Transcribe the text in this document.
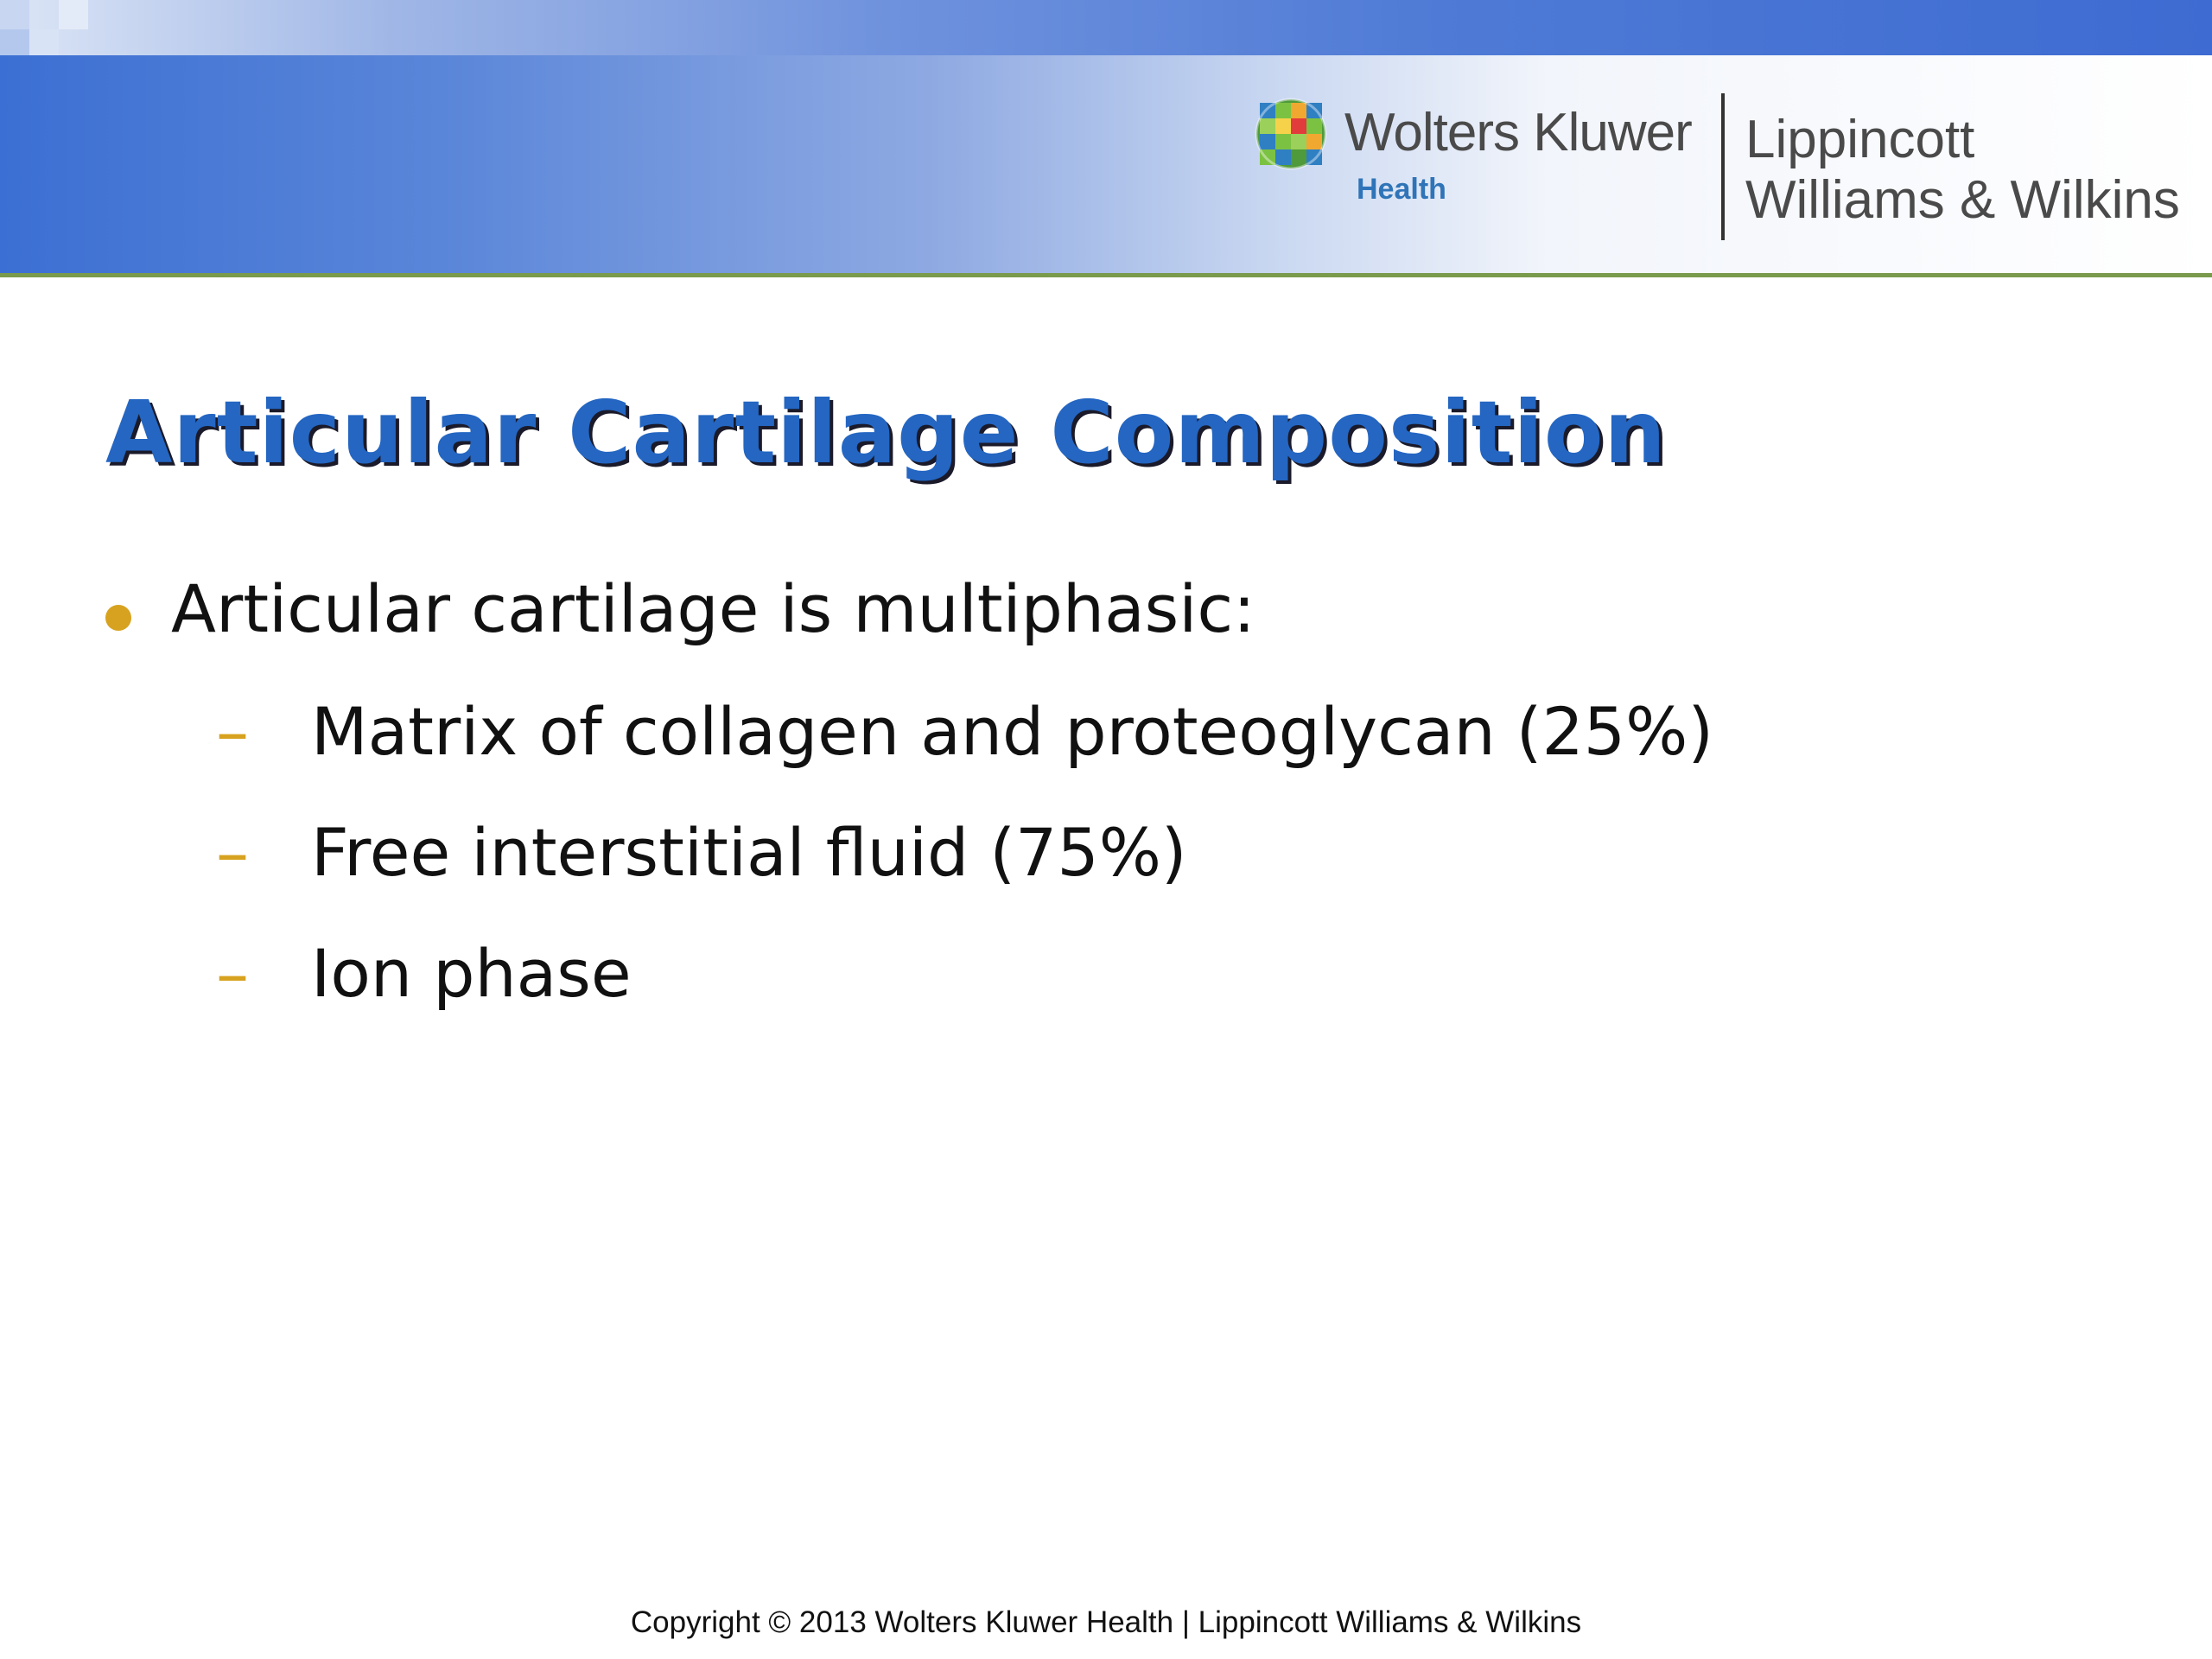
Wolters Kluwer
Health
Lippincott
Williams & Wilkins
Articular Cartilage Composition
Articular cartilage is multiphasic:
– Matrix of collagen and proteoglycan (25%)
– Free interstitial fluid (75%)
– Ion phase
Copyright © 2013 Wolters Kluwer Health | Lippincott Williams & Wilkins
